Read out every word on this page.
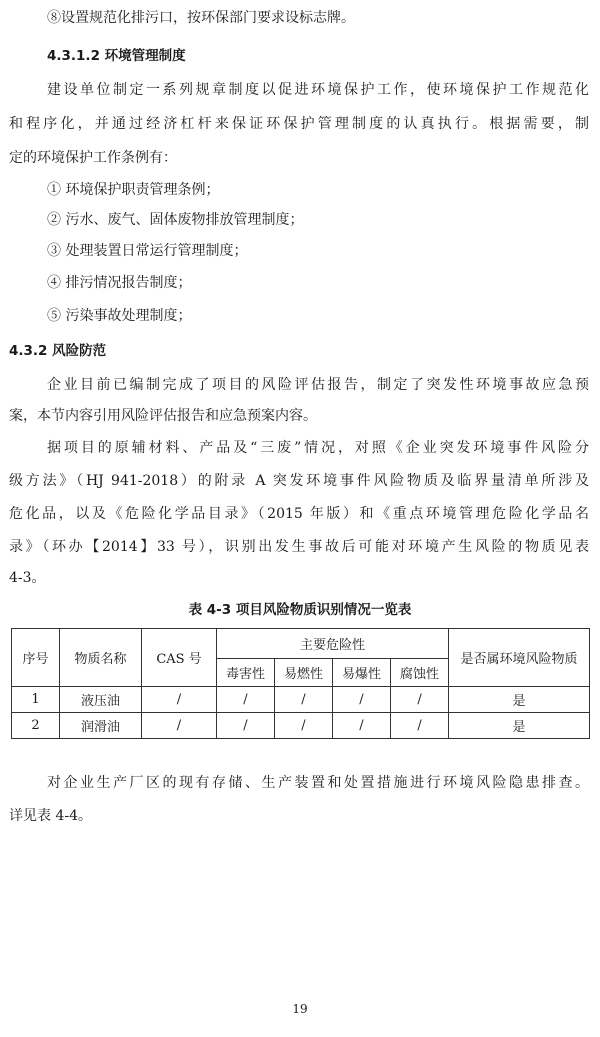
⑧设置规范化排污口，按环保部门要求设标志牌。
4.3.1.2 环境管理制度
建设单位制定一系列规章制度以促进环境保护工作，使环境保护工作规范化
和程序化，并通过经济杠杆来保证环保护管理制度的认真执行。根据需要，制
定的环境保护工作条例有：
① 环境保护职责管理条例；
② 污水、废气、固体废物排放管理制度；
③ 处理装置日常运行管理制度；
④ 排污情况报告制度；
⑤ 污染事故处理制度；
4.3.2 风险防范
企业目前已编制完成了项目的风险评估报告，制定了突发性环境事故应急预
案，本节内容引用风险评估报告和应急预案内容。
据项目的原辅材料、产品及“三废”情况，对照《企业突发环境事件风险分
级方法》（HJ 941-2018）的附录 A 突发环境事件风险物质及临界量清单所涉及
危化品，以及《危险化学品目录》（2015 年版）和《重点环境管理危险化学品名
录》（环办【2014】33 号），识别出发生事故后可能对环境产生风险的物质见表
4-3。
表 4-3 项目风险物质识别情况一览表
序号	物质名称	CAS 号	主要危险性				是否属环境风险物质
			毒害性	易燃性	易爆性	腐蚀性	
1	液压油	/	/	/	/	/	是
2	润滑油	/	/	/	/	/	是
对企业生产厂区的现有存储、生产装置和处置措施进行环境风险隐患排查。
详见表 4-4。
19
